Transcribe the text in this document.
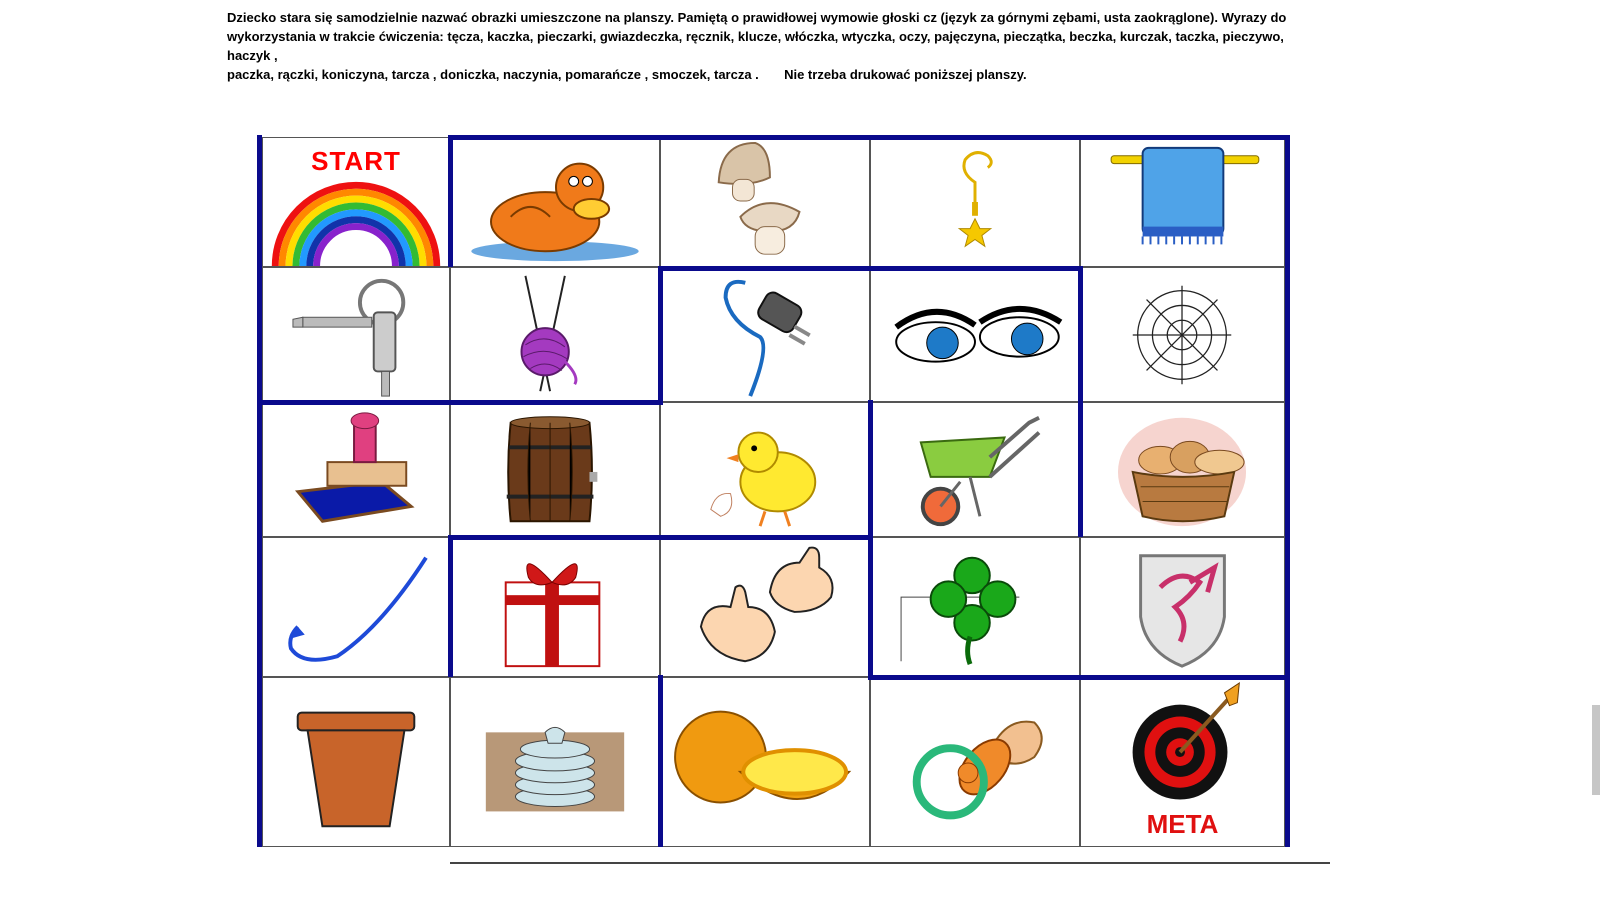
Dziecko stara się samodzielnie nazwać obrazki umieszczone na planszy. Pamiętą o prawidłowej wymowie głoski cz (język za górnymi zębami, usta zaokrąglone). Wyrazy do
wykorzystania w trakcie ćwiczenia: tęcza, kaczka, pieczarki, gwiazdeczka, ręcznik, klucze, włóczka, wtyczka, oczy, pajęczyna, pieczątka, beczka, kurczak, taczka, pieczywo, haczyk ,
paczka, rączki, koniczyna, tarcza , doniczka, naczynia, pomarańcze , smoczek, tarcza . Nie trzeba drukować poniższej planszy.
START
META
